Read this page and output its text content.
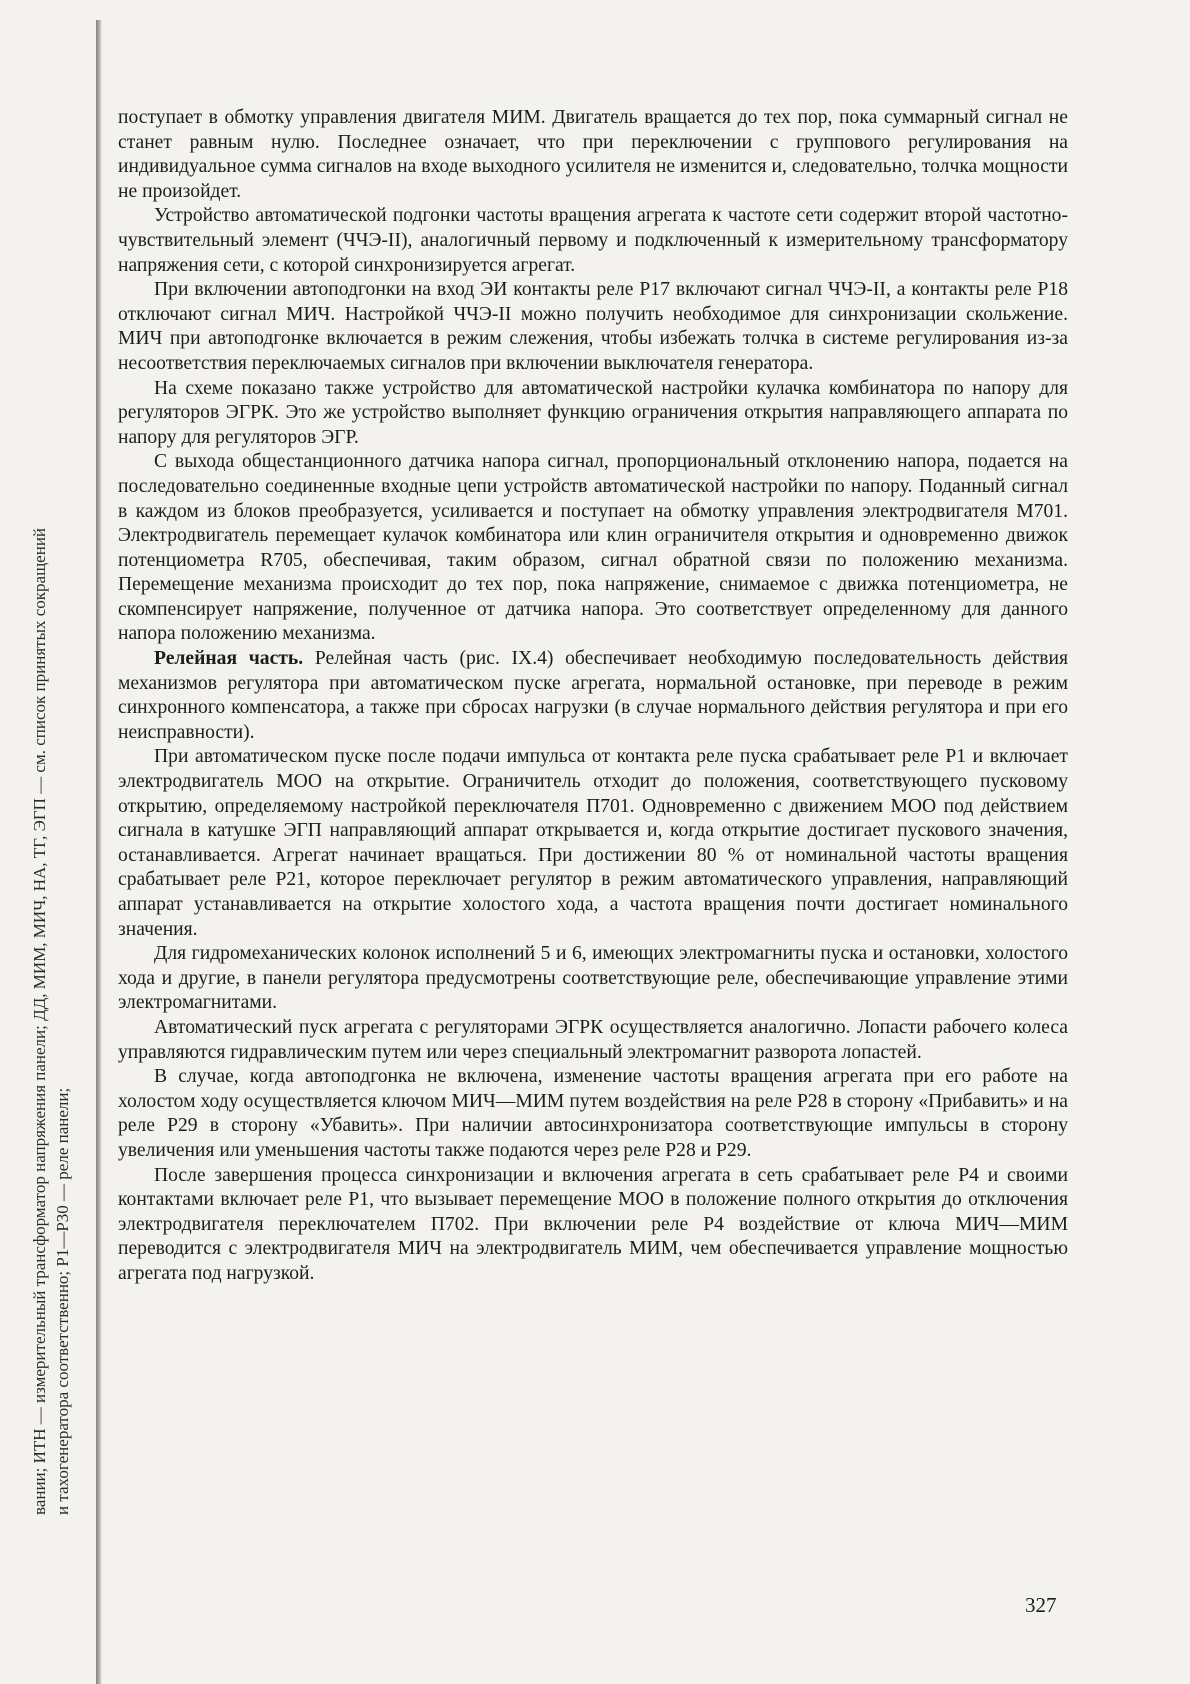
вании; ИТН — измерительный трансформатор напряжения панели; ДД, МИМ, МИЧ, НА, ТГ, ЭГП — см. список принятых сокращений и тахогенератора соответственно; Р1—Р30 — реле панели;

поступает в обмотку управления двигателя МИМ. Двигатель вращается до тех пор, пока суммарный сигнал не станет равным нулю. Последнее означает, что при переключении с группового регулирования на индивидуальное сумма сигналов на входе выходного усилителя не изменится и, следовательно, толчка мощности не произойдет.

Устройство автоматической подгонки частоты вращения агрегата к частоте сети содержит второй частотно-чувствительный элемент (ЧЧЭ-II), аналогичный первому и подключенный к измерительному трансформатору напряжения сети, с которой синхронизируется агрегат.

При включении автоподгонки на вход ЭИ контакты реле Р17 включают сигнал ЧЧЭ-II, а контакты реле Р18 отключают сигнал МИЧ. Настройкой ЧЧЭ-II можно получить необходимое для синхронизации скольжение. МИЧ при автоподгонке включается в режим слежения, чтобы избежать толчка в системе регулирования из-за несоответствия переключаемых сигналов при включении выключателя генератора.

На схеме показано также устройство для автоматической настройки кулачка комбинатора по напору для регуляторов ЭГРК. Это же устройство выполняет функцию ограничения открытия направляющего аппарата по напору для регуляторов ЭГР.

С выхода общестанционного датчика напора сигнал, пропорциональный отклонению напора, подается на последовательно соединенные входные цепи устройств автоматической настройки по напору. Поданный сигнал в каждом из блоков преобразуется, усиливается и поступает на обмотку управления электродвигателя М701. Электродвигатель перемещает кулачок комбинатора или клин ограничителя открытия и одновременно движок потенциометра R705, обеспечивая, таким образом, сигнал обратной связи по положению механизма. Перемещение механизма происходит до тех пор, пока напряжение, снимаемое с движка потенциометра, не скомпенсирует напряжение, полученное от датчика напора. Это соответствует определенному для данного напора положению механизма.

Релейная часть. Релейная часть (рис. IX.4) обеспечивает необходимую последовательность действия механизмов регулятора при автоматическом пуске агрегата, нормальной остановке, при переводе в режим синхронного компенсатора, а также при сбросах нагрузки (в случае нормального действия регулятора и при его неисправности).

При автоматическом пуске после подачи импульса от контакта реле пуска срабатывает реле Р1 и включает электродвигатель МОО на открытие. Ограничитель отходит до положения, соответствующего пусковому открытию, определяемому настройкой переключателя П701. Одновременно с движением МОО под действием сигнала в катушке ЭГП направляющий аппарат открывается и, когда открытие достигает пускового значения, останавливается. Агрегат начинает вращаться. При достижении 80 % от номинальной частоты вращения срабатывает реле Р21, которое переключает регулятор в режим автоматического управления, направляющий аппарат устанавливается на открытие холостого хода, а частота вращения почти достигает номинального значения.

Для гидромеханических колонок исполнений 5 и 6, имеющих электромагниты пуска и остановки, холостого хода и другие, в панели регулятора предусмотрены соответствующие реле, обеспечивающие управление этими электромагнитами.

Автоматический пуск агрегата с регуляторами ЭГРК осуществляется аналогично. Лопасти рабочего колеса управляются гидравлическим путем или через специальный электромагнит разворота лопастей.

В случае, когда автоподгонка не включена, изменение частоты вращения агрегата при его работе на холостом ходу осуществляется ключом МИЧ—МИМ путем воздействия на реле Р28 в сторону «Прибавить» и на реле Р29 в сторону «Убавить». При наличии автосинхронизатора соответствующие импульсы в сторону увеличения или уменьшения частоты также подаются через реле Р28 и Р29.

После завершения процесса синхронизации и включения агрегата в сеть срабатывает реле Р4 и своими контактами включает реле Р1, что вызывает перемещение МОО в положение полного открытия до отключения электродвигателя переключателем П702. При включении реле Р4 воздействие от ключа МИЧ—МИМ переводится с электродвигателя МИЧ на электродвигатель МИМ, чем обеспечивается управление мощностью агрегата под нагрузкой.

327
